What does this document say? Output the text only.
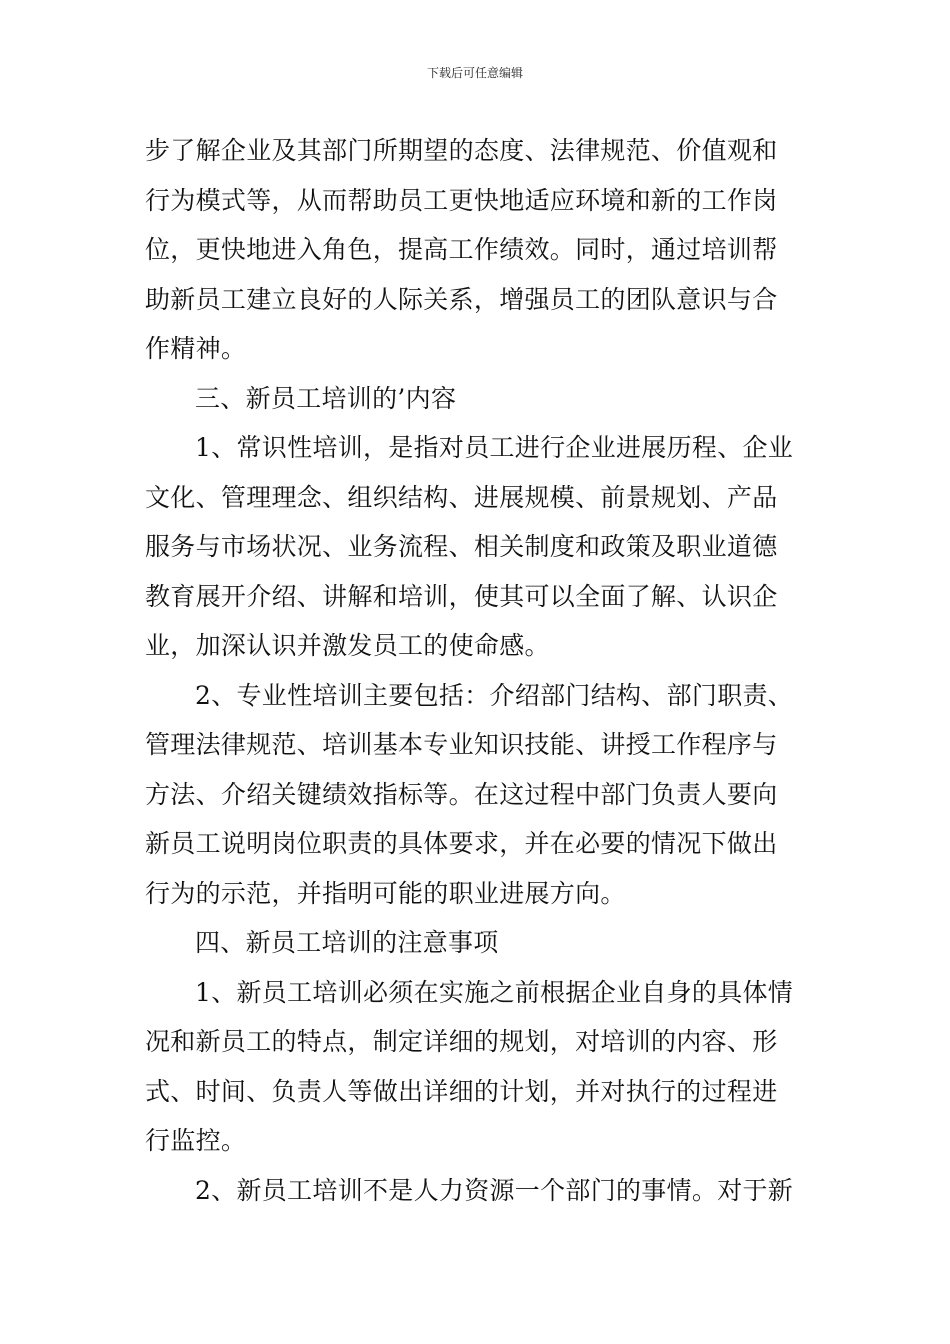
下载后可任意编辑
步了解企业及其部门所期望的态度、法律规范、价值观和
行为模式等，从而帮助员工更快地适应环境和新的工作岗
位，更快地进入角色，提高工作绩效。同时，通过培训帮
助新员工建立良好的人际关系，增强员工的团队意识与合
作精神。
三、新员工培训的’内容
1、常识性培训，是指对员工进行企业进展历程、企业
文化、管理理念、组织结构、进展规模、前景规划、产品
服务与市场状况、业务流程、相关制度和政策及职业道德
教育展开介绍、讲解和培训，使其可以全面了解、认识企
业，加深认识并激发员工的使命感。
2、专业性培训主要包括：介绍部门结构、部门职责、
管理法律规范、培训基本专业知识技能、讲授工作程序与
方法、介绍关键绩效指标等。在这过程中部门负责人要向
新员工说明岗位职责的具体要求，并在必要的情况下做出
行为的示范，并指明可能的职业进展方向。
四、新员工培训的注意事项
1、新员工培训必须在实施之前根据企业自身的具体情
况和新员工的特点，制定详细的规划，对培训的内容、形
式、时间、负责人等做出详细的计划，并对执行的过程进
行监控。
2、新员工培训不是人力资源一个部门的事情。对于新
